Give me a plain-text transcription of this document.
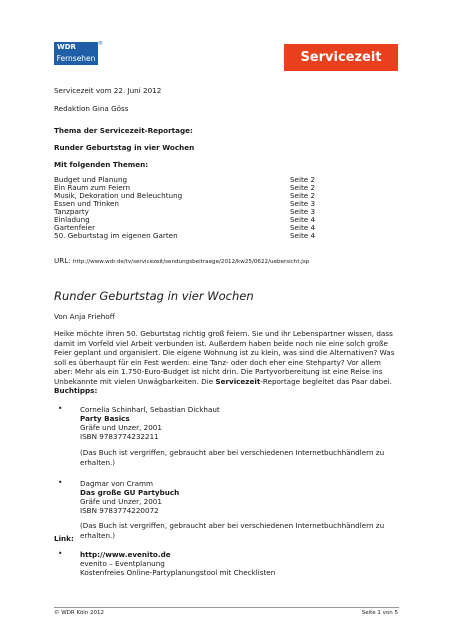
WDR
Fernsehen
®
Servicezeit
Servicezeit vom 22. Juni 2012
Redaktion Gina Göss
Thema der Servicezeit-Reportage:
Runder Geburtstag in vier Wochen
Mit folgenden Themen:
Budget und Planung	Seite 2
Ein Raum zum Feiern	Seite 2
Musik, Dekoration und Beleuchtung	Seite 2
Essen und Trinken	Seite 3
Tanzparty	Seite 3
Einladung	Seite 4
Gartenfeier	Seite 4
50. Geburtstag im eigenen Garten	Seite 4
URL: http://www.wdr.de/tv/servicezeit/sendungsbeitraege/2012/kw25/0622/uebersicht.jsp
Runder Geburtstag in vier Wochen
Von Anja Friehoff
Heike möchte ihren 50. Geburtstag richtig groß feiern. Sie und ihr Lebenspartner wissen, dass damit im Vorfeld viel Arbeit verbunden ist. Außerdem haben beide noch nie eine solch große Feier geplant und organisiert. Die eigene Wohnung ist zu klein, was sind die Alternativen? Was soll es überhaupt für ein Fest werden: eine Tanz- oder doch eher eine Stehparty? Vor allem aber: Mehr als ein 1.750-Euro-Budget ist nicht drin. Die Partyvorbereitung ist eine Reise ins Unbekannte mit vielen Unwägbarkeiten. Die Servicezeit-Reportage begleitet das Paar dabei.
Buchtipps:
• Cornelia Schinharl, Sebastian Dickhaut
Party Basics
Gräfe und Unzer, 2001
ISBN 9783774232211
(Das Buch ist vergriffen, gebraucht aber bei verschiedenen Internetbuchhändlern zu erhalten.)
• Dagmar von Cramm
Das große GU Partybuch
Gräfe und Unzer, 2001
ISBN 9783774220072
(Das Buch ist vergriffen, gebraucht aber bei verschiedenen Internetbuchhändlern zu erhalten.)
Link:
• http://www.evenito.de
evenito – Eventplanung
Kostenfreies Online-Partyplanungstool mit Checklisten
© WDR Köln 2012	Seite 1 von 5
